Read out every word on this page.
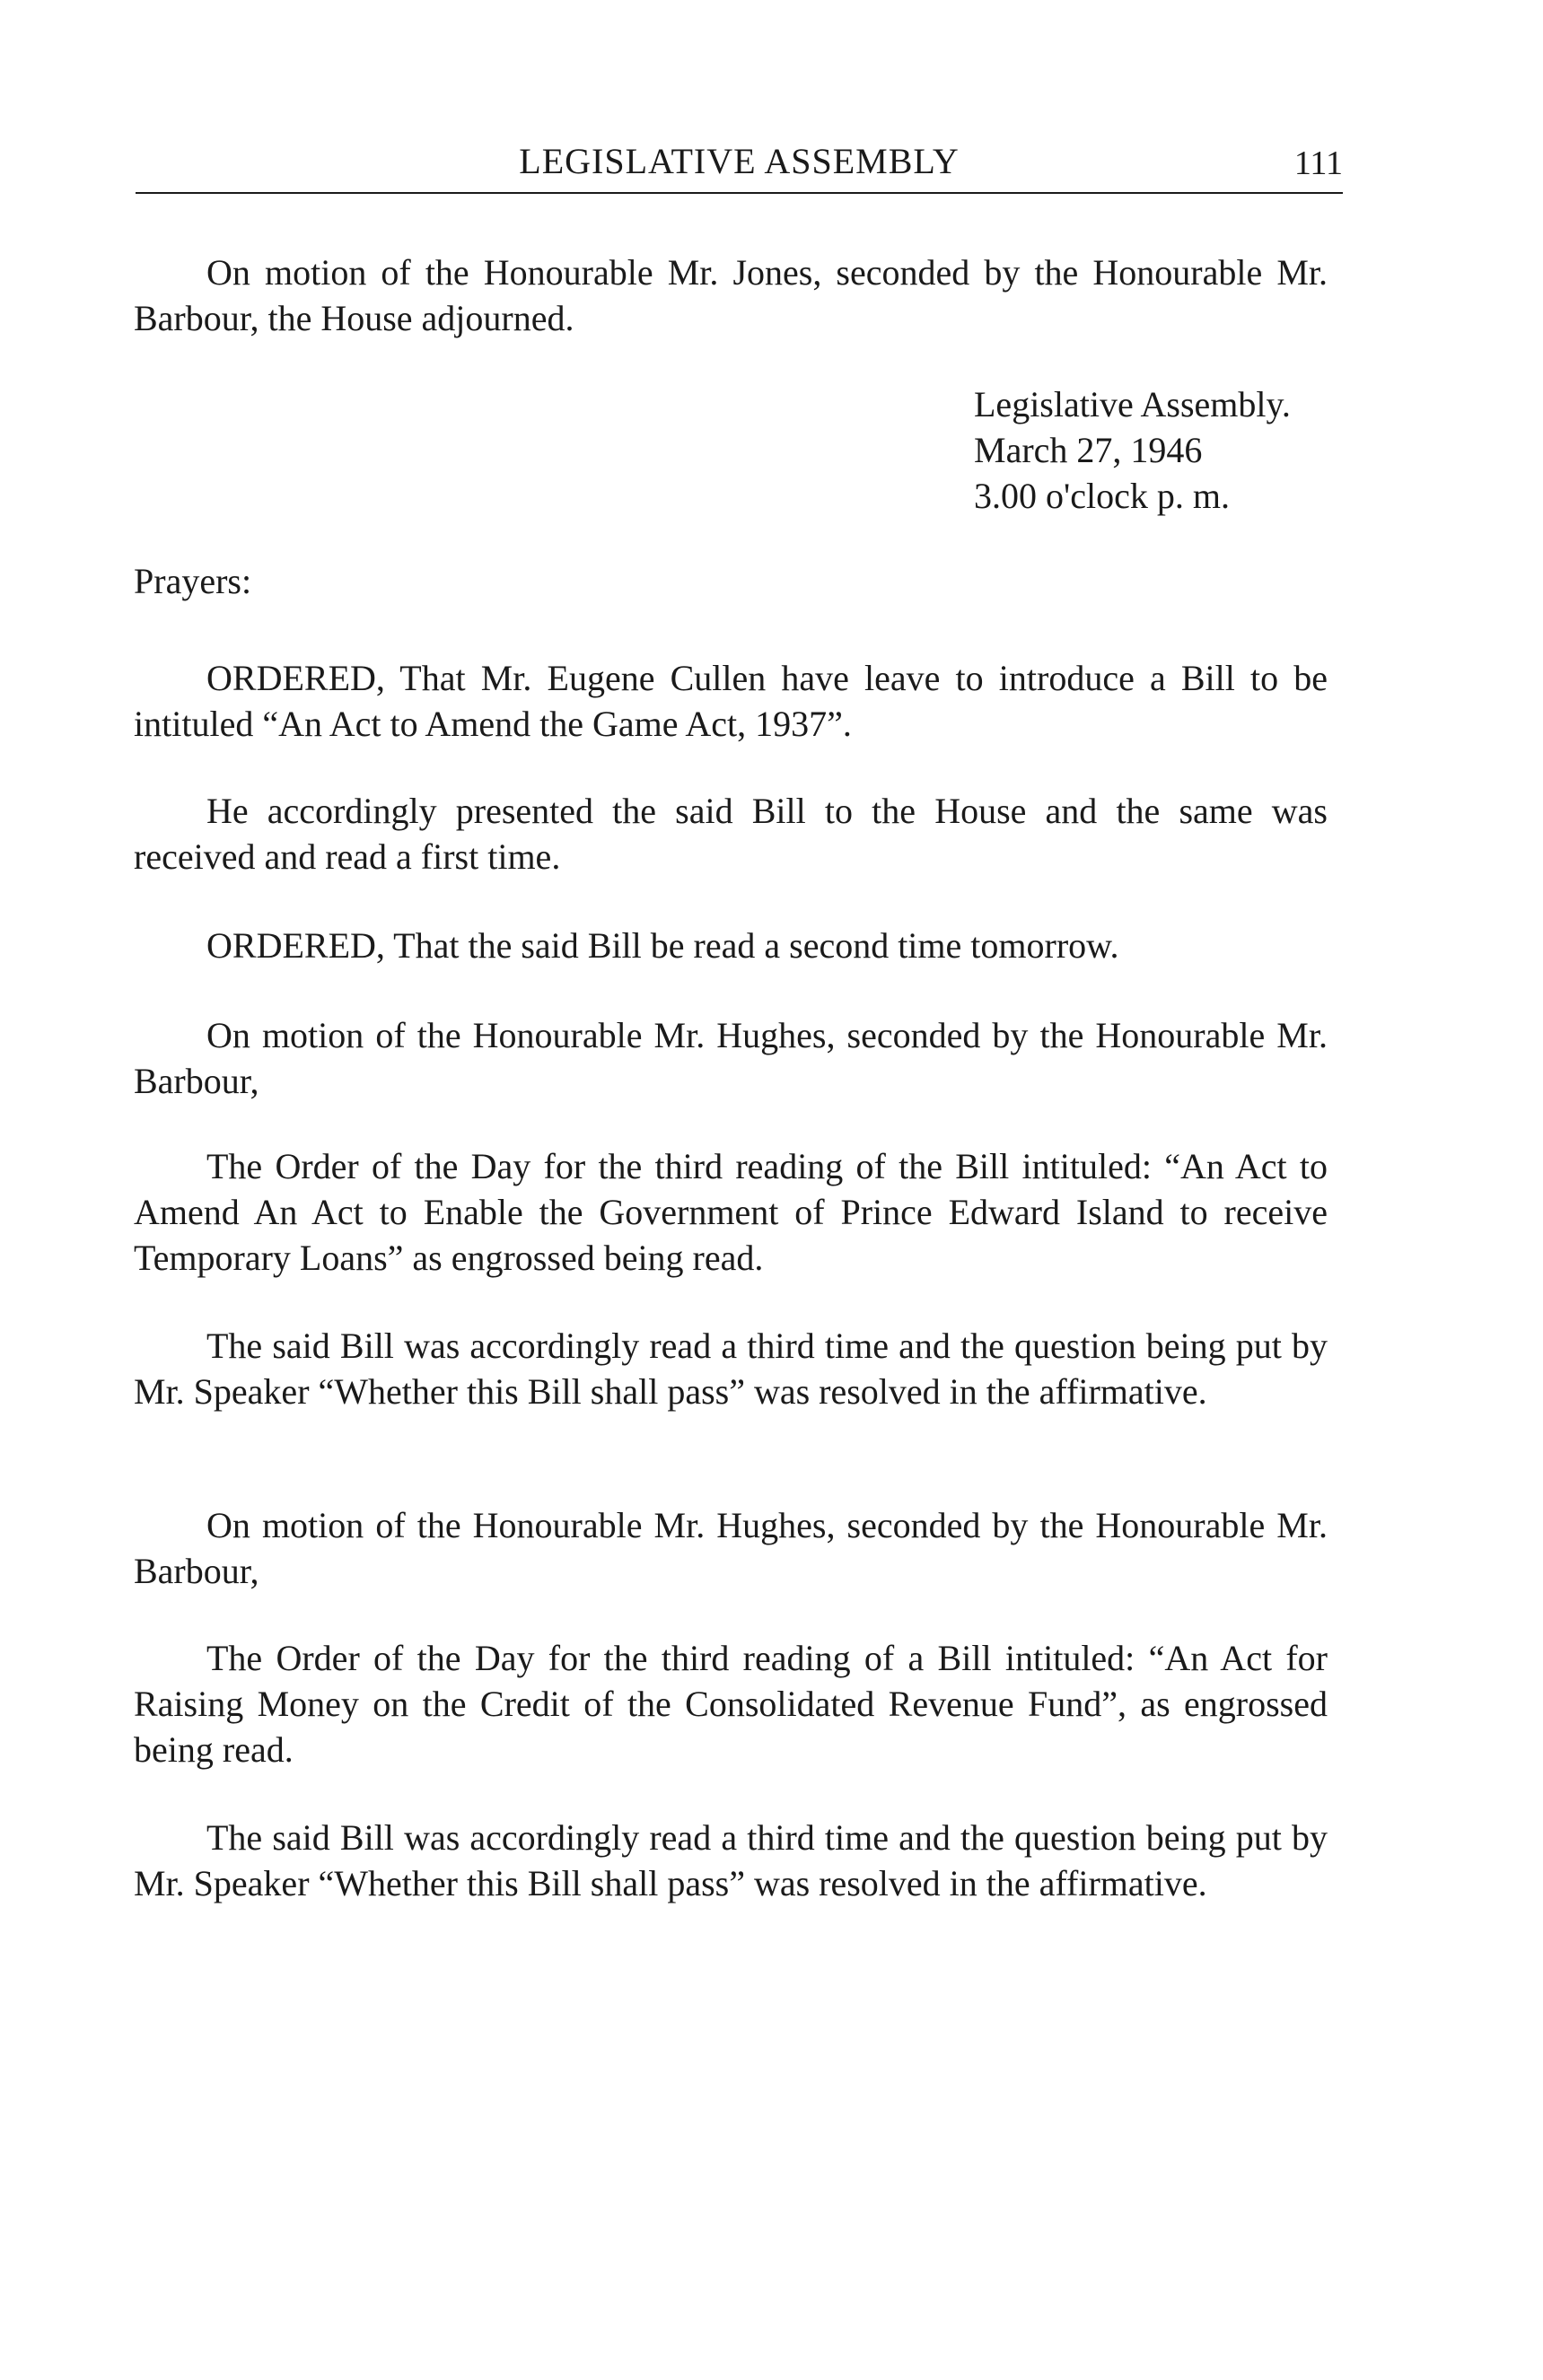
LEGISLATIVE ASSEMBLY	111

On motion of the Honourable Mr. Jones, seconded by the Honourable Mr. Barbour, the House adjourned.

Legislative Assembly.
March 27, 1946
3.00 o'clock p. m.

Prayers:

ORDERED, That Mr. Eugene Cullen have leave to introduce a Bill to be intituled “An Act to Amend the Game Act, 1937”.

He accordingly presented the said Bill to the House and the same was received and read a first time.

ORDERED, That the said Bill be read a second time tomorrow.

On motion of the Honourable Mr. Hughes, seconded by the Honourable Mr. Barbour,

The Order of the Day for the third reading of the Bill intituled: “An Act to Amend An Act to Enable the Government of Prince Edward Island to receive Temporary Loans” as engrossed being read.

The said Bill was accordingly read a third time and the question being put by Mr. Speaker “Whether this Bill shall pass” was resolved in the affirmative.

On motion of the Honourable Mr. Hughes, seconded by the Honourable Mr. Barbour,

The Order of the Day for the third reading of a Bill intituled: “An Act for Raising Money on the Credit of the Consolidated Revenue Fund”, as engrossed being read.

The said Bill was accordingly read a third time and the question being put by Mr. Speaker “Whether this Bill shall pass” was resolved in the affirmative.
